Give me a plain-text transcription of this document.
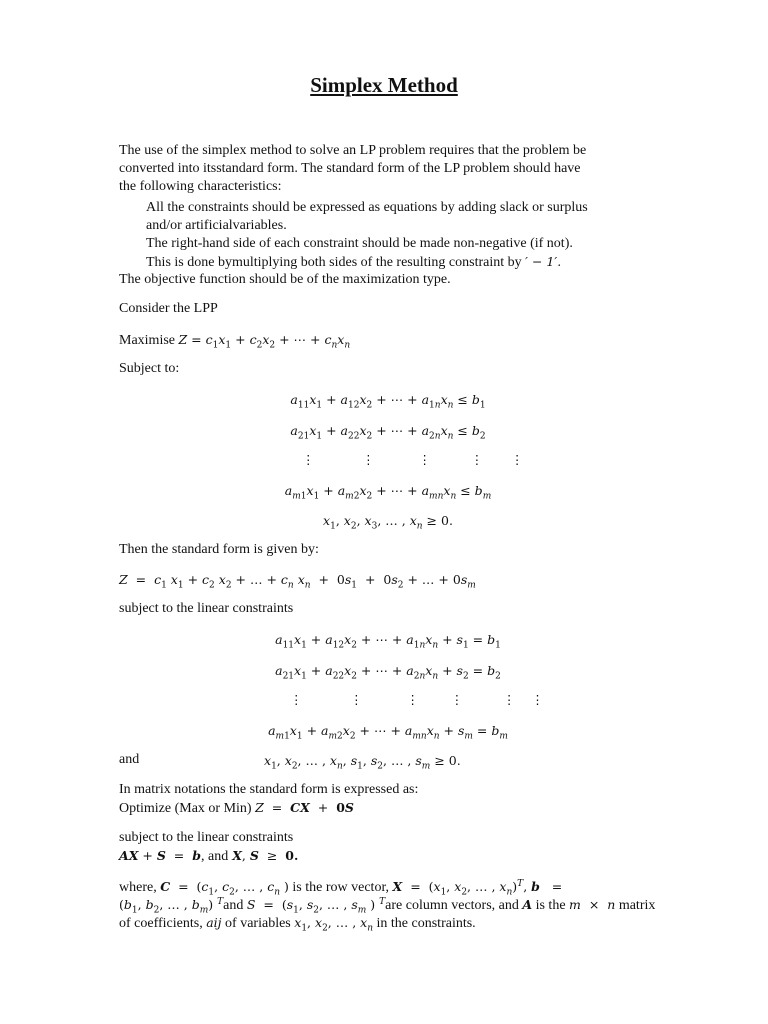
Simplex Method
The use of the simplex method to solve an LP problem requires that the problem be
converted into itsstandard form. The standard form of the LP problem should have
the following characteristics:
All the constraints should be expressed as equations by adding slack or surplus
and/or artificialvariables.
The right-hand side of each constraint should be made non-negative (if not).
This is done bymultiplying both sides of the resulting constraint by ′ − 1′.
The objective function should be of the maximization type.
Consider the LPP
Maximise $Z = c_1x_1 + c_2x_2$ + ⋯ + $c_nx_n$
Subject to:
$a_{11}x_1 + a_{12}x_2$ + ⋯ + $a_{1n}x_n \le b_1$
$a_{21}x_1 + a_{22}x_2$ + ⋯ + $a_{2n}x_n \le b_2$
⋮            ⋮           ⋮          ⋮       ⋮
$a_{m1}x_1 + a_{m2}x_2$ + ⋯ + $a_{mn}x_n \le b_m$
$x_1$, $x_2$, $x_3$, … , $x_n \ge 0$.
Then the standard form is given by:
$Z = c_1$ $x_1 + c_2$ $x_2$ + … + $c_n$ $x_n + 0s_1 + 0s_2$ + … + $0s_m$
subject to the linear constraints
$a_{11}x_1 + a_{12}x_2$ + ⋯ + $a_{1n}x_n + s_1 = b_1$
$a_{21}x_1 + a_{22}x_2$ + ⋯ + $a_{2n}x_n + s_2 = b_2$
⋮            ⋮           ⋮        ⋮          ⋮    ⋮
$a_{m1}x_1 + a_{m2}x_2$ + ⋯ + $a_{mn}x_n + s_m = b_m$
and	$x_1$, $x_2$, … , $x_n$, $s_1$, $s_2$, … , $s_m \ge 0$.
In matrix notations the standard form is expressed as:
Optimize (Max or Min) Z  =  CX  +  0S
subject to the linear constraints
AX + S  =  b, and X, S  ≥  0.
where, $C = (c_1$, $c_2$, … , $c_n$ ) is the row vector, $X = (x_1$, $x_2$, … , $x_n)^T$, b   =
($b_1$, $b_2$, … , $b_m$) $^T$and $S = (s_1$, $s_2$, … , $s_m$ ) $^T$are column vectors, and A is the m  ×  n matrix
of coefficients, aij of variables $x_1$, $x_2$, … , $x_n$ in the constraints.
